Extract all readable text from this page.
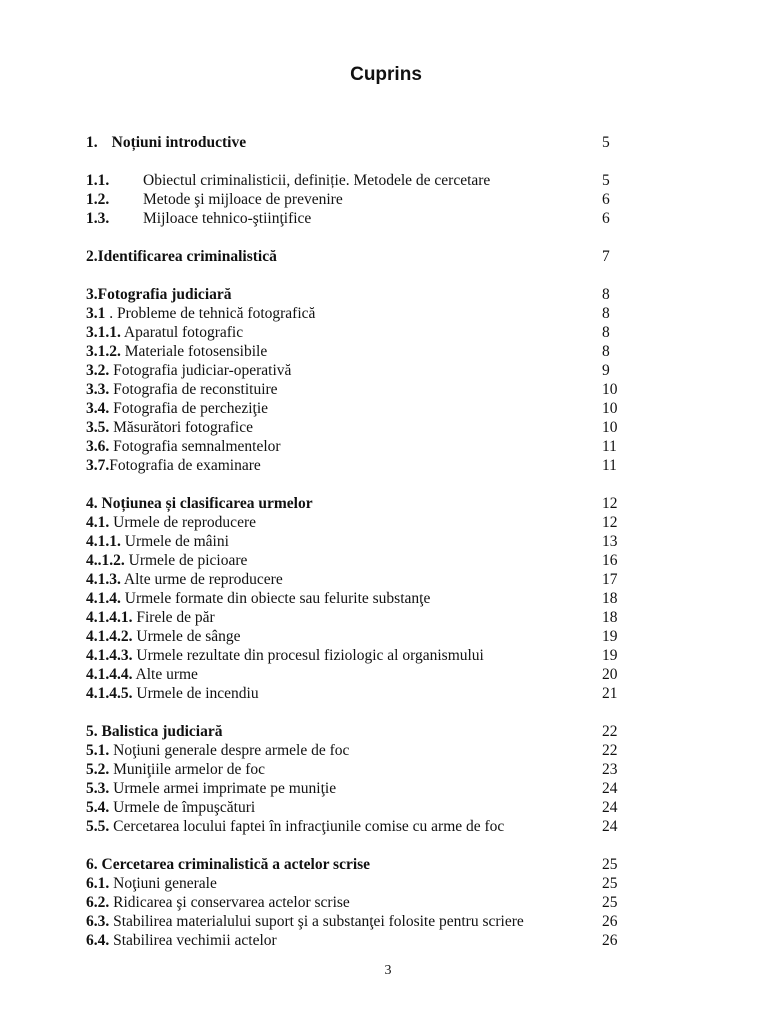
Cuprins
1. Noțiuni introductive	5
1.1. Obiectul criminalisticii, definiție. Metodele de cercetare	5
1.2. Metode şi mijloace de prevenire	6
1.3. Mijloace tehnico-ştiinţifice	6
2.Identificarea criminalistică	7
3.Fotografia judiciară	8
3.1 . Probleme de tehnică fotografică	8
3.1.1. Aparatul fotografic	8
3.1.2. Materiale fotosensibile	8
3.2. Fotografia judiciar-operativă	9
3.3. Fotografia de reconstituire	10
3.4. Fotografia de percheziţie	10
3.5. Măsurători fotografice	10
3.6. Fotografia semnalmentelor	11
3.7.Fotografia de examinare	11
4. Noțiunea și clasificarea urmelor	12
4.1. Urmele de reproducere	12
4.1.1. Urmele de mâini	13
4..1.2. Urmele de picioare	16
4.1.3. Alte urme de reproducere	17
4.1.4. Urmele formate din obiecte sau felurite substanţe	18
4.1.4.1. Firele de păr	18
4.1.4.2. Urmele de sânge	19
4.1.4.3. Urmele rezultate din procesul fiziologic al organismului	19
4.1.4.4. Alte urme	20
4.1.4.5. Urmele de incendiu	21
5. Balistica judiciară	22
5.1. Noţiuni generale despre armele de foc	22
5.2. Muniţiile armelor de foc	23
5.3. Urmele armei imprimate pe muniţie	24
5.4. Urmele de împuşcături	24
5.5. Cercetarea locului faptei în infracţiunile comise cu arme de foc	24
6. Cercetarea criminalistică a actelor scrise	25
6.1. Noţiuni generale	25
6.2. Ridicarea şi conservarea actelor scrise	25
6.3. Stabilirea materialului suport şi a substanţei folosite pentru scriere	26
6.4. Stabilirea vechimii actelor	26
3
